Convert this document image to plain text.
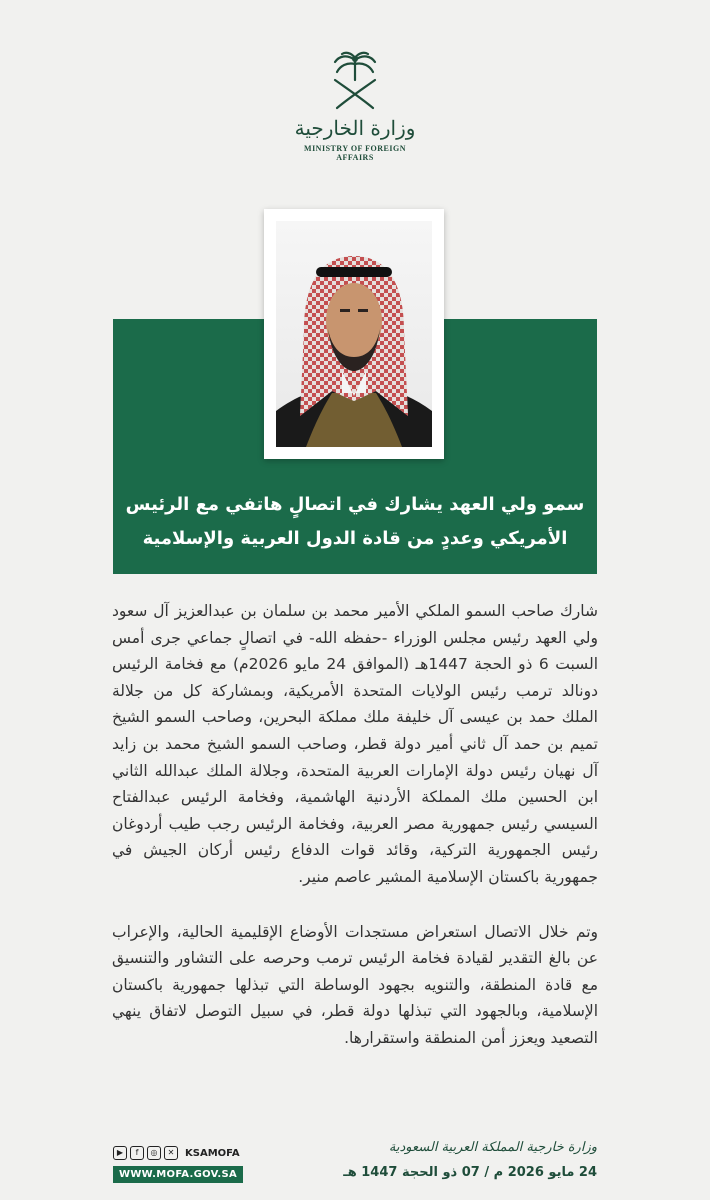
وزارة الخارجية
MINISTRY OF FOREIGN AFFAIRS
سمو ولي العهد يشارك في اتصالٍ هاتفي مع الرئيس
الأمريكي وعددٍ من قادة الدول العربية والإسلامية

شارك صاحب السمو الملكي الأمير محمد بن سلمان بن عبدالعزيز آل سعود ولي العهد رئيس مجلس الوزراء -حفظه الله- في اتصالٍ جماعي جرى أمس السبت 6 ذو الحجة 1447هـ (الموافق 24 مايو 2026م) مع فخامة الرئيس دونالد ترمب رئيس الولايات المتحدة الأمريكية، وبمشاركة كل من جلالة الملك حمد بن عيسى آل خليفة ملك مملكة البحرين، وصاحب السمو الشيخ تميم بن حمد آل ثاني أمير دولة قطر، وصاحب السمو الشيخ محمد بن زايد آل نهيان رئيس دولة الإمارات العربية المتحدة، وجلالة الملك عبدالله الثاني ابن الحسين ملك المملكة الأردنية الهاشمية، وفخامة الرئيس عبدالفتاح السيسي رئيس جمهورية مصر العربية، وفخامة الرئيس رجب طيب أردوغان رئيس الجمهورية التركية، وقائد قوات الدفاع رئيس أركان الجيش في جمهورية باكستان الإسلامية المشير عاصم منير.

وتم خلال الاتصال استعراض مستجدات الأوضاع الإقليمية الحالية، والإعراب عن بالغ التقدير لقيادة فخامة الرئيس ترمب وحرصه على التشاور والتنسيق مع قادة المنطقة، والتنويه بجهود الوساطة التي تبذلها جمهورية باكستان الإسلامية، وبالجهود التي تبذلها دولة قطر، في سبيل التوصل لاتفاق ينهي التصعيد ويعزز أمن المنطقة واستقرارها.

وزارة خارجية المملكة العربية السعودية
24 مايو 2026 م / 07 ذو الحجة 1447 هـ
▶	f	◎	✕	KSAMOFA
WWW.MOFA.GOV.SA
